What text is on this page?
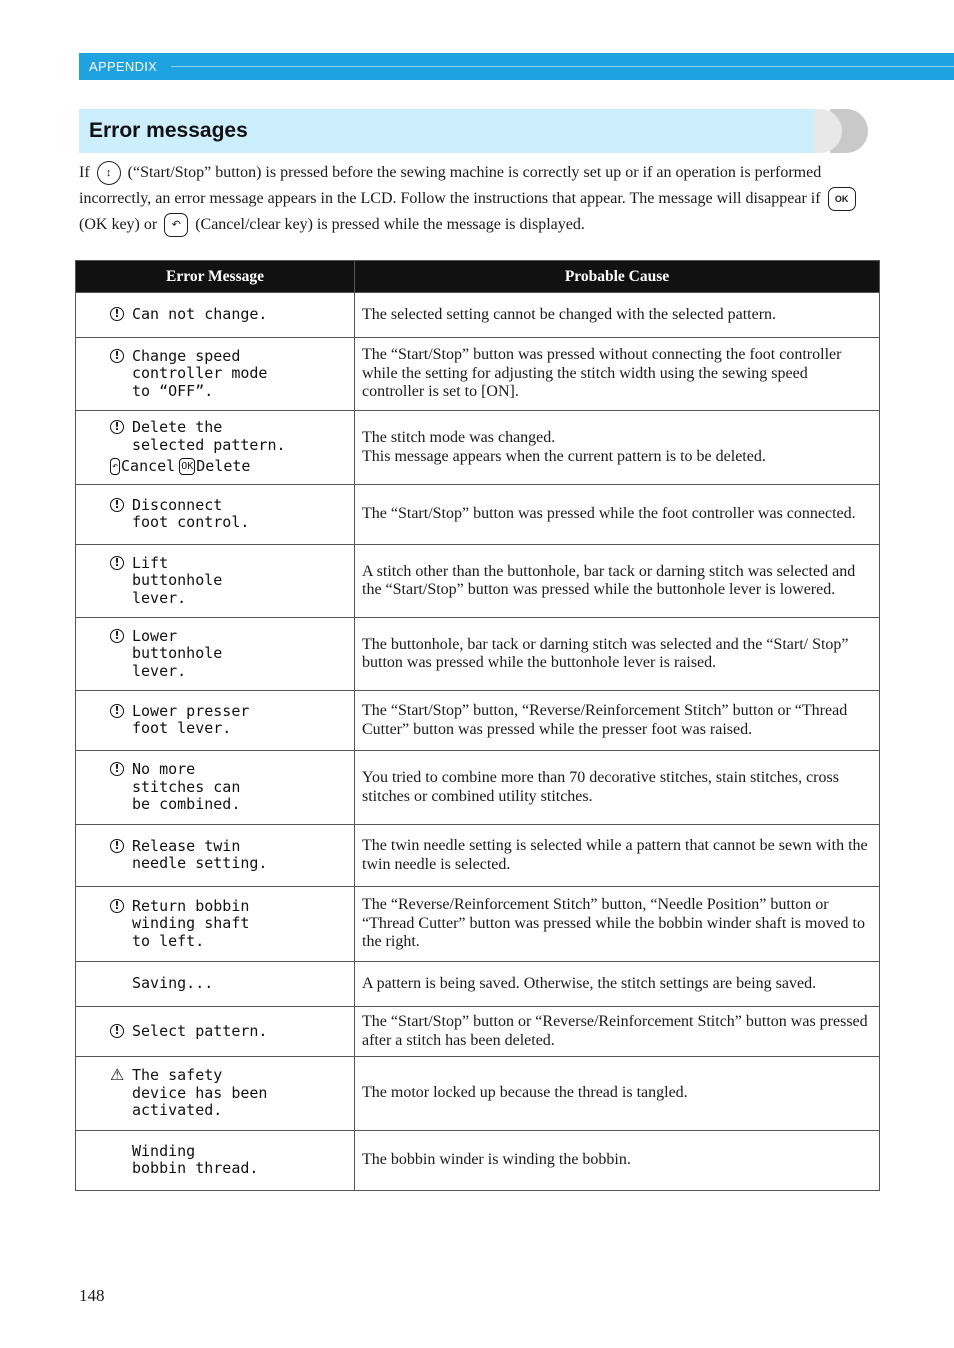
APPENDIX
Error messages
If ↕ (“Start/Stop” button) is pressed before the sewing machine is correctly set up or if an operation is performed incorrectly, an error message appears in the LCD. Follow the instructions that appear. The message will disappear if OK (OK key) or ↶ (Cancel/clear key) is pressed while the message is displayed.
Error Message	Probable Cause

! Can not change.	The selected setting cannot be changed with the selected pattern.

! Change speed
controller mode
to “OFF”.	The “Start/Stop” button was pressed without connecting the foot controller while the setting for adjusting the stitch width using the sewing speed controller is set to [ON].

! Delete the
selected pattern.
↶ Cancel OK Delete	The stitch mode was changed.
This message appears when the current pattern is to be deleted.

! Disconnect
foot control.	The “Start/Stop” button was pressed while the foot controller was connected.

! Lift
buttonhole
lever.	A stitch other than the buttonhole, bar tack or darning stitch was selected and the “Start/Stop” button was pressed while the buttonhole lever is lowered.

! Lower
buttonhole
lever.	The buttonhole, bar tack or darning stitch was selected and the “Start/ Stop” button was pressed while the buttonhole lever is raised.

! Lower presser
foot lever.	The “Start/Stop” button, “Reverse/Reinforcement Stitch” button or “Thread Cutter” button was pressed while the presser foot was raised.

! No more
stitches can
be combined.	You tried to combine more than 70 decorative stitches, stain stitches, cross stitches or combined utility stitches.

! Release twin
needle setting.	The twin needle setting is selected while a pattern that cannot be sewn with the twin needle is selected.

! Return bobbin
winding shaft
to left.	The “Reverse/Reinforcement Stitch” button, “Needle Position” button or “Thread Cutter” button was pressed while the bobbin winder shaft is moved to the right.

Saving...	A pattern is being saved. Otherwise, the stitch settings are being saved.

! Select pattern.	The “Start/Stop” button or “Reverse/Reinforcement Stitch” button was pressed after a stitch has been deleted.

⚠ The safety
device has been
activated.	The motor locked up because the thread is tangled.

Winding
bobbin thread.	The bobbin winder is winding the bobbin.
148
